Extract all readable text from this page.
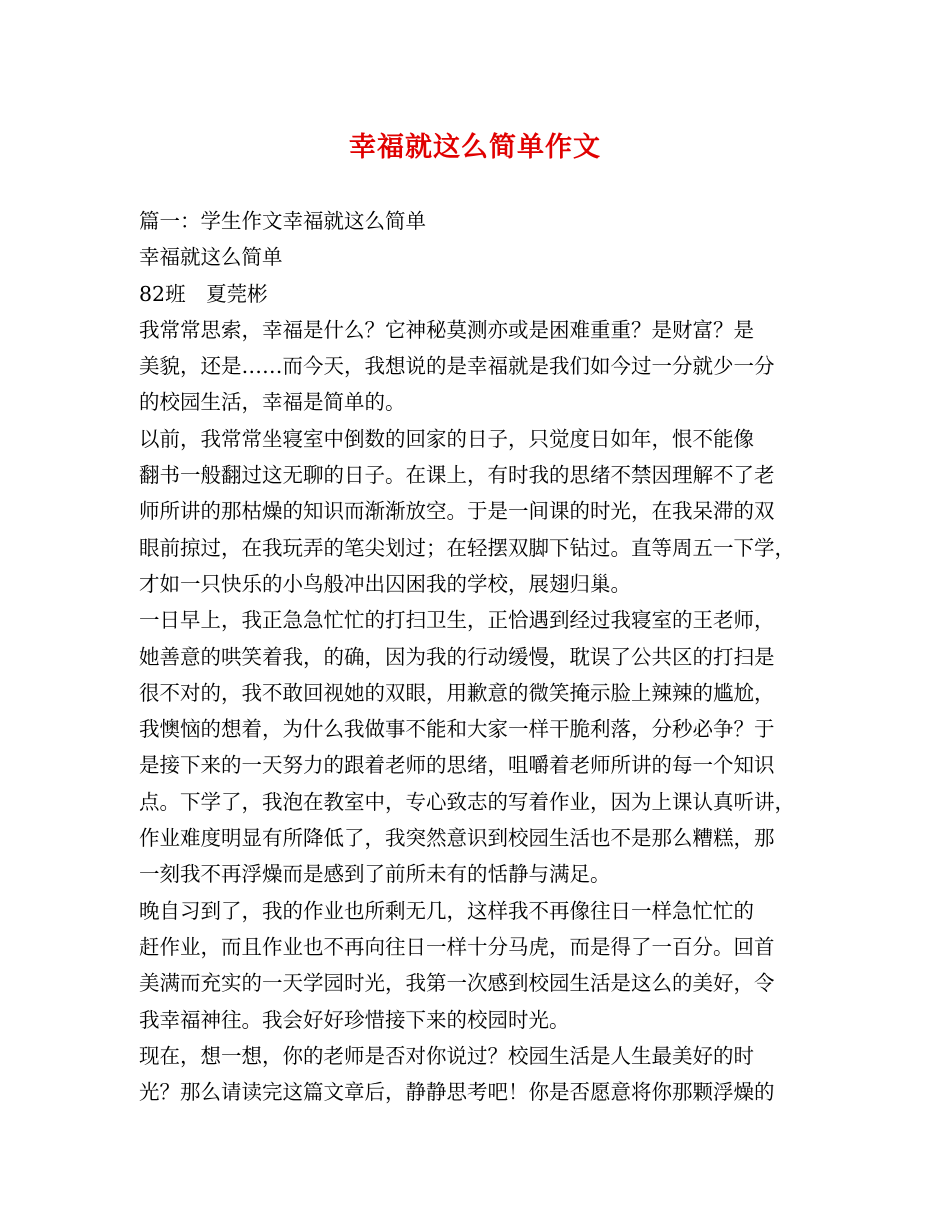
幸福就这么简单作文

篇一：学生作文幸福就这么简单

幸福就这么简单

82班　夏莞彬

我常常思索，幸福是什么？它神秘莫测亦或是困难重重？是财富？是

美貌，还是……而今天，我想说的是幸福就是我们如今过一分就少一分

的校园生活，幸福是简单的。

以前，我常常坐寝室中倒数的回家的日子，只觉度日如年，恨不能像

翻书一般翻过这无聊的日子。在课上，有时我的思绪不禁因理解不了老

师所讲的那枯燥的知识而渐渐放空。于是一间课的时光，在我呆滞的双

眼前掠过，在我玩弄的笔尖划过；在轻摆双脚下钻过。直等周五一下学，

才如一只快乐的小鸟般冲出囚困我的学校，展翅归巢。

一日早上，我正急急忙忙的打扫卫生，正恰遇到经过我寝室的王老师，

她善意的哄笑着我，的确，因为我的行动缓慢，耽误了公共区的打扫是

很不对的，我不敢回视她的双眼，用歉意的微笑掩示脸上辣辣的尴尬，

我懊恼的想着，为什么我做事不能和大家一样干脆利落，分秒必争？于

是接下来的一天努力的跟着老师的思绪，咀嚼着老师所讲的每一个知识

点。下学了，我泡在教室中，专心致志的写着作业，因为上课认真听讲，

作业难度明显有所降低了，我突然意识到校园生活也不是那么糟糕，那

一刻我不再浮燥而是感到了前所未有的恬静与满足。

晚自习到了，我的作业也所剩无几，这样我不再像往日一样急忙忙的

赶作业，而且作业也不再向往日一样十分马虎，而是得了一百分。回首

美满而充实的一天学园时光，我第一次感到校园生活是这么的美好，令

我幸福神往。我会好好珍惜接下来的校园时光。

现在，想一想，你的老师是否对你说过？校园生活是人生最美好的时

光？那么请读完这篇文章后，静静思考吧！你是否愿意将你那颗浮燥的
